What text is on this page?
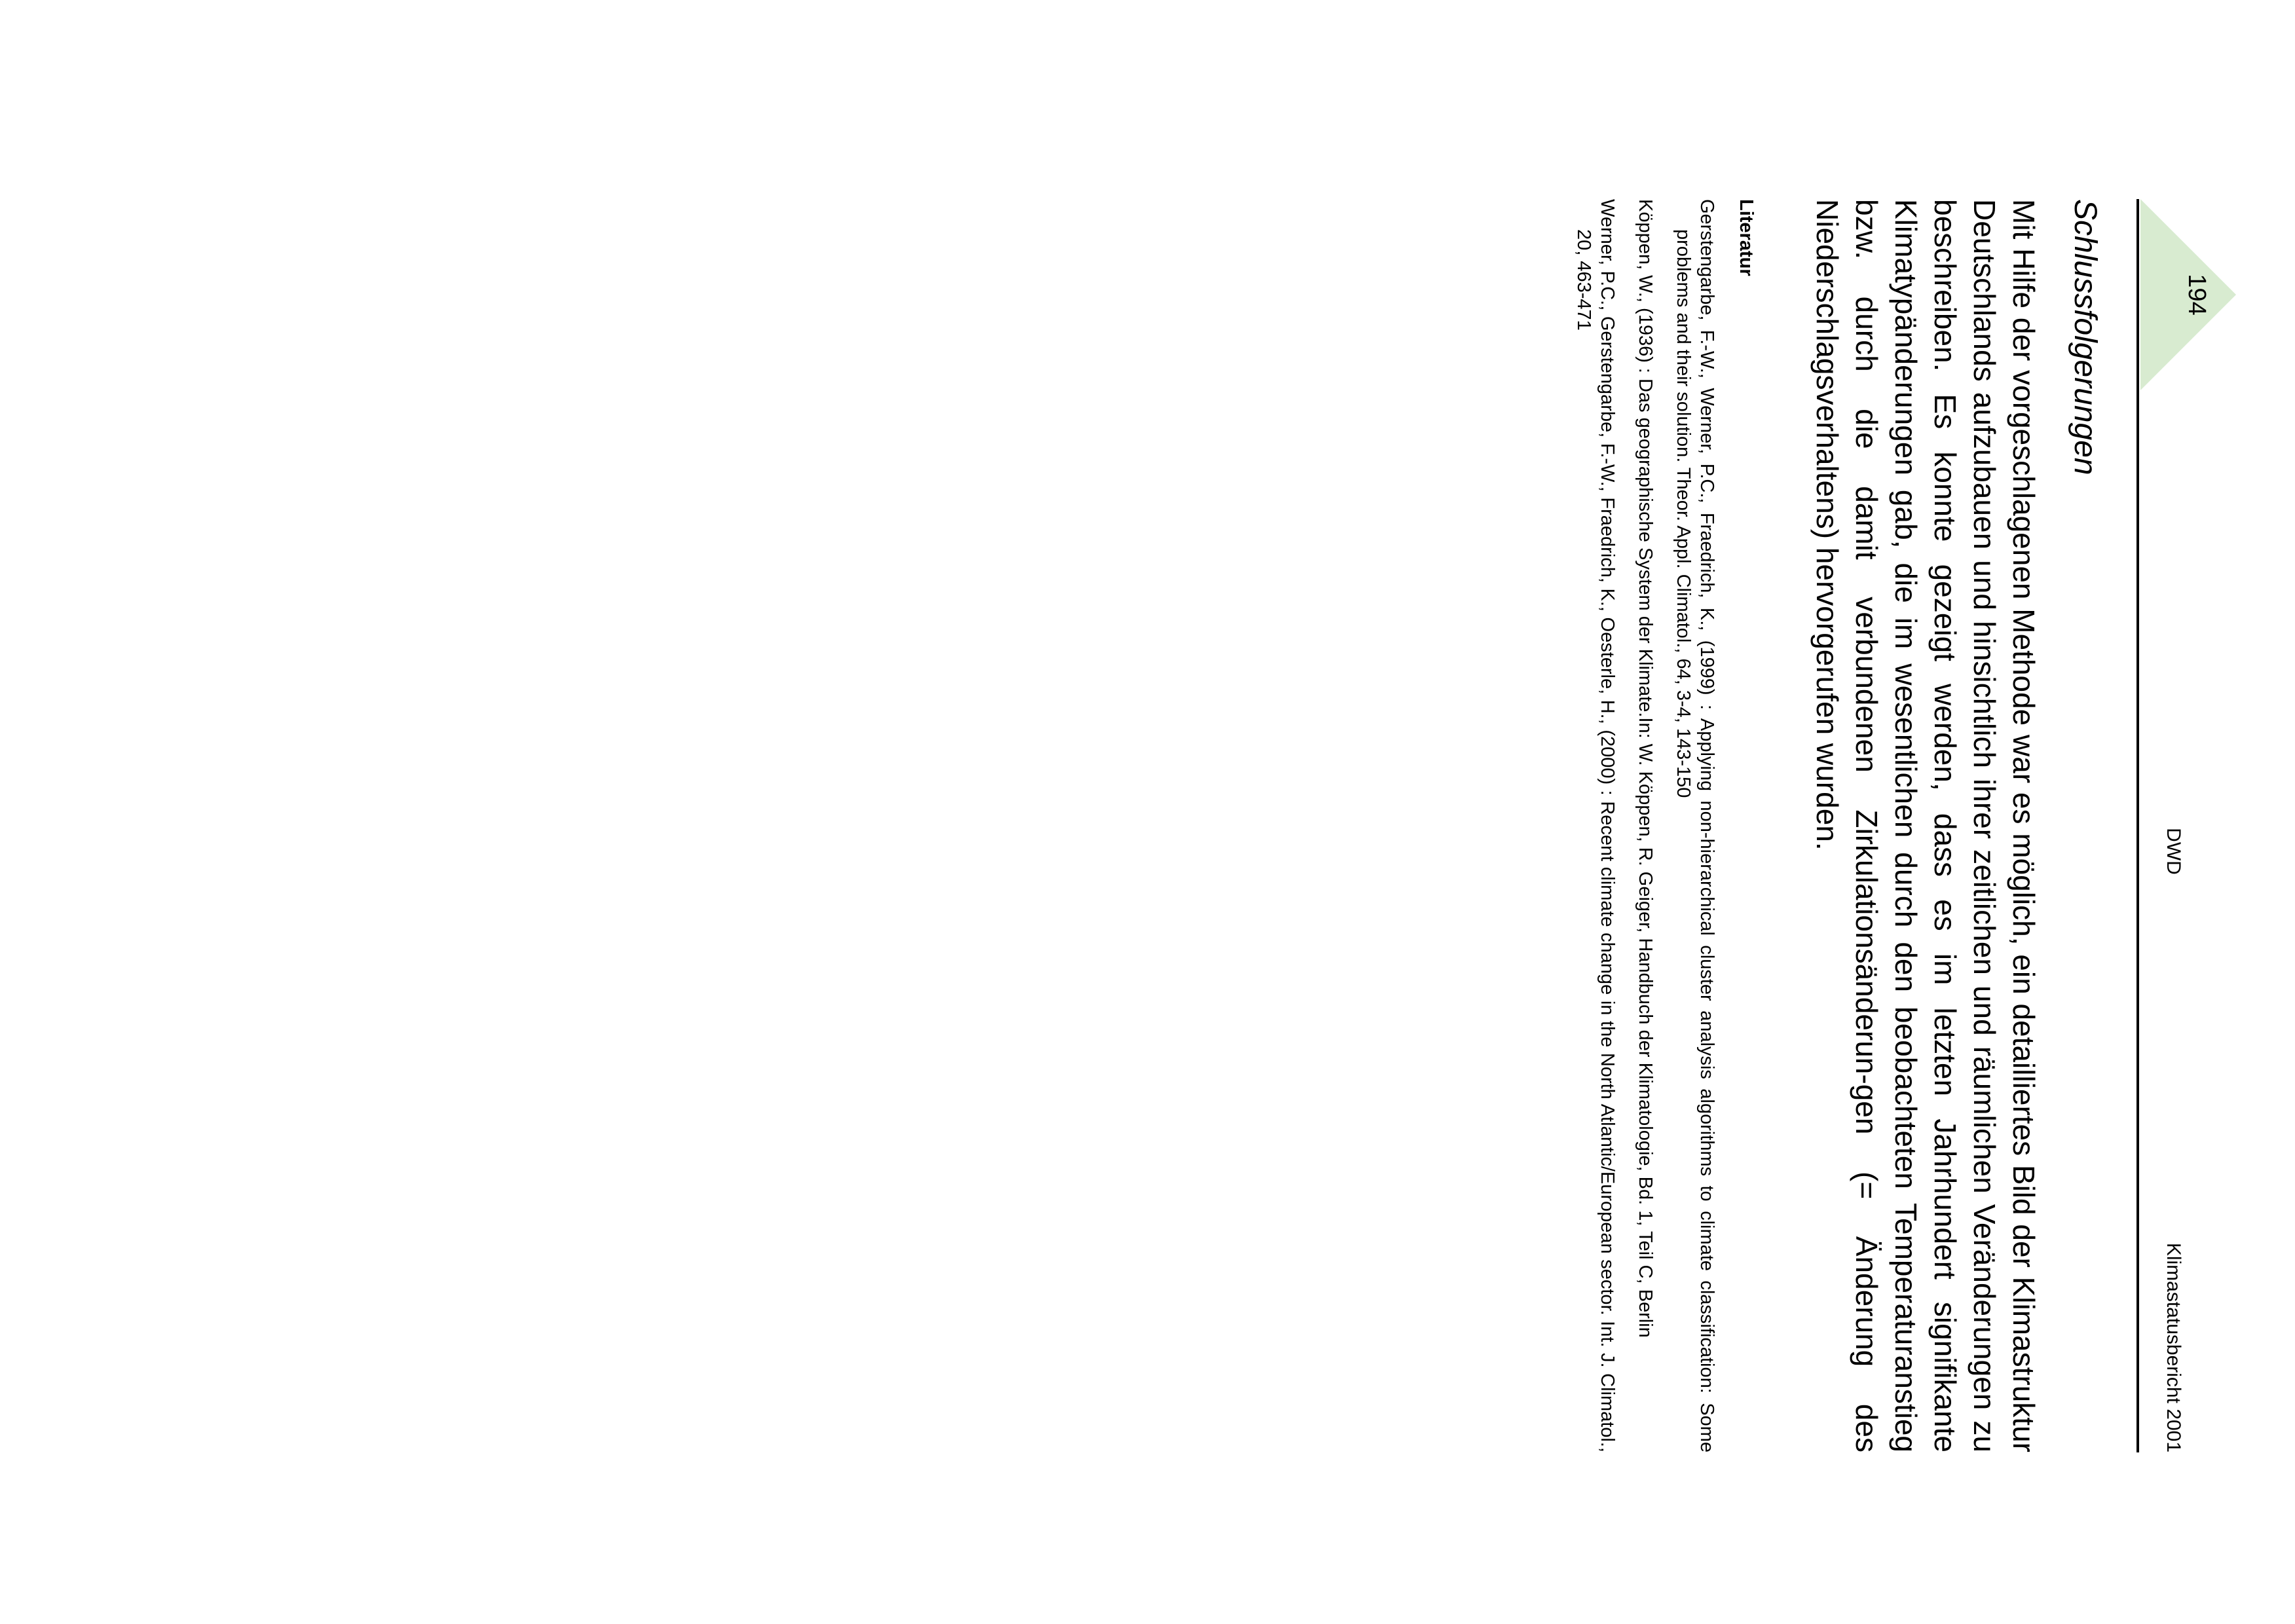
194
DWD
Klimastatusbericht 2001
Schlussfolgerungen
Mit Hilfe der vorgeschlagenen Methode war es möglich, ein detailliertes Bild der Klimastruktur Deutschlands aufzubauen und hinsichtlich ihrer zeitlichen und räumlichen Veränderungen zu beschreiben. Es konnte gezeigt werden, dass es im letzten Jahrhundert signifikante Klimatypänderungen gab, die im wesentlichen durch den beobachteten Temperaturanstieg bzw. durch die damit verbundenen Zirkulationsänderun-gen (= Änderung des Niederschlagsverhaltens) hervorgerufen wurden.
Literatur
Gerstengarbe, F.-W., Werner, P.C., Fraedrich, K., (1999) : Applying non-hierarchical cluster analysis algorithms to climate classification: Some problems and their solution. Theor. Appl. Climatol., 64, 3-4, 143-150
Köppen, W., (1936) : Das geographische System der Klimate.In: W. Köppen, R. Geiger, Handbuch der Klimatologie, Bd. 1, Teil C, Berlin
Werner, P.C., Gerstengarbe, F.-W., Fraedrich, K., Oesterle, H., (2000) : Recent climate change in the North Atlantic/European sector. Int. J. Climatol., 20, 463-471
